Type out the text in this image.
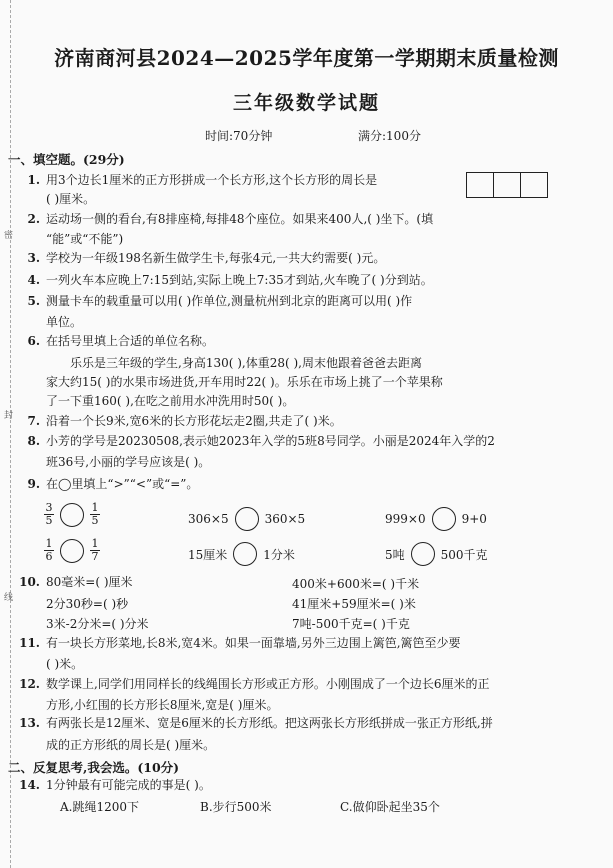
密
封
线
济南商河县2024—2025学年度第一学期期末质量检测
三年级数学试题
时间:70分钟	满分:100分
一、填空题。(29分)
1. 用3个边长1厘米的正方形拼成一个长方形,这个长方形的周长是
( )厘米。
2. 运动场一侧的看台,有8排座椅,每排48个座位。如果来400人,( )坐下。(填
“能”或“不能”)
3. 学校为一年级198名新生做学生卡,每张4元,一共大约需要( )元。
4. 一列火车本应晚上7:15到站,实际上晚上7:35才到站,火车晚了( )分到站。
5. 测量卡车的载重量可以用( )作单位,测量杭州到北京的距离可以用( )作
单位。
6. 在括号里填上合适的单位名称。
乐乐是三年级的学生,身高130( ),体重28( ),周末他跟着爸爸去距离
家大约15( )的水果市场进货,开车用时22( )。乐乐在市场上挑了一个苹果称
了一下重160( ),在吃之前用水冲洗用时50( )。
7. 沿着一个长9米,宽6米的长方形花坛走2圈,共走了( )米。
8. 小芳的学号是20230508,表示她2023年入学的5班8号同学。小丽是2024年入学的2
班36号,小丽的学号应该是( )。
9. 在◯里填上“>”“<”或“=”。
$\frac{3}{5}$	$\frac{1}{5}$	306×5	360×5	999×0	9+0
$\frac{1}{6}$	$\frac{1}{7}$	15厘米	1分米	5吨	500千克
10. 80毫米=( )厘米	400米+600米=( )千米
2分30秒=( )秒	41厘米+59厘米=( )米
3米-2分米=( )分米	7吨-500千克=( )千克
11. 有一块长方形菜地,长8米,宽4米。如果一面靠墙,另外三边围上篱笆,篱笆至少要
( )米。
12. 数学课上,同学们用同样长的线绳围长方形或正方形。小刚围成了一个边长6厘米的正
方形,小红围的长方形长8厘米,宽是( )厘米。
13. 有两张长是12厘米、宽是6厘米的长方形纸。把这两张长方形纸拼成一张正方形纸,拼
成的正方形纸的周长是( )厘米。
二、反复思考,我会选。(10分)
14. 1分钟最有可能完成的事是( )。
A.跳绳1200下	B.步行500米	C.做仰卧起坐35个
